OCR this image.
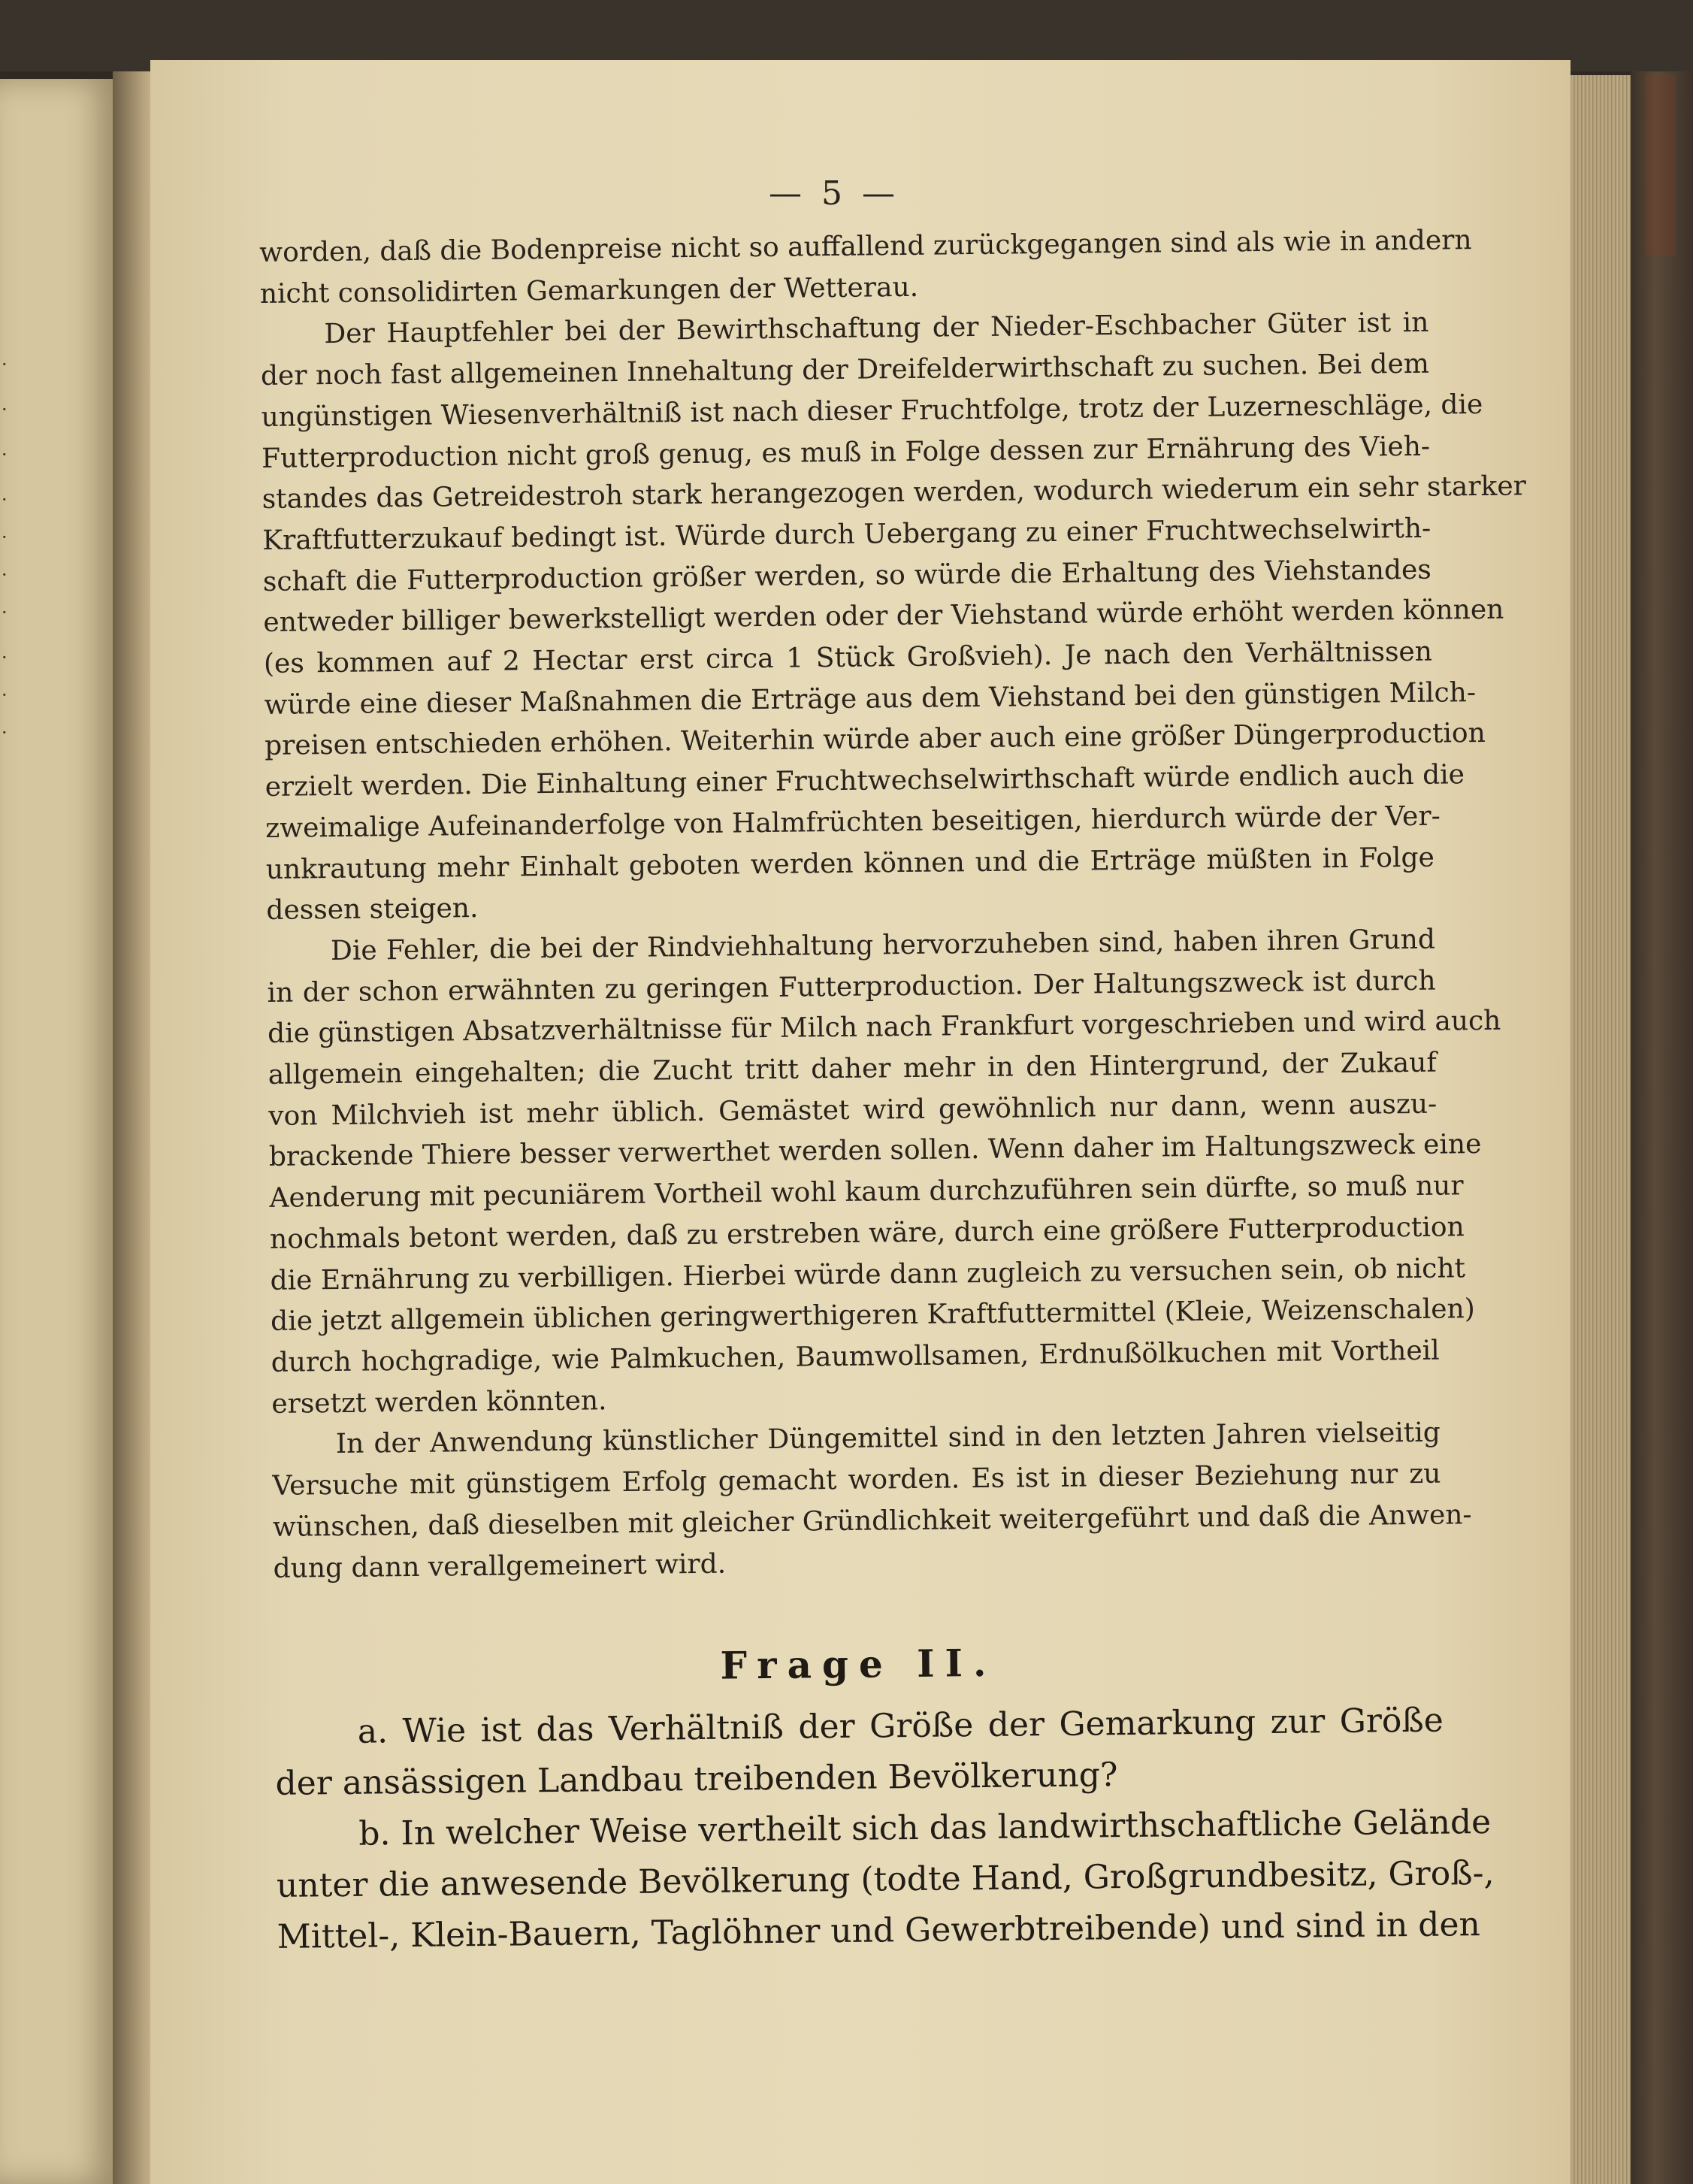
·
·
·
·
·
·
·
·
·
·
— 5 —

worden, daß die Bodenpreise nicht so auffallend zurückgegangen sind als wie in andern

nicht consolidirten Gemarkungen der Wetterau.

Der Hauptfehler bei der Bewirthschaftung der Nieder-Eschbacher Güter ist in

der noch fast allgemeinen Innehaltung der Dreifelderwirthschaft zu suchen. Bei dem

ungünstigen Wiesenverhältniß ist nach dieser Fruchtfolge, trotz der Luzerneschläge, die

Futterproduction nicht groß genug, es muß in Folge dessen zur Ernährung des Vieh-

standes das Getreidestroh stark herangezogen werden, wodurch wiederum ein sehr starker

Kraftfutterzukauf bedingt ist. Würde durch Uebergang zu einer Fruchtwechselwirth-

schaft die Futterproduction größer werden, so würde die Erhaltung des Viehstandes

entweder billiger bewerkstelligt werden oder der Viehstand würde erhöht werden können

(es kommen auf 2 Hectar erst circa 1 Stück Großvieh). Je nach den Verhältnissen

würde eine dieser Maßnahmen die Erträge aus dem Viehstand bei den günstigen Milch-

preisen entschieden erhöhen. Weiterhin würde aber auch eine größer Düngerproduction

erzielt werden. Die Einhaltung einer Fruchtwechselwirthschaft würde endlich auch die

zweimalige Aufeinanderfolge von Halmfrüchten beseitigen, hierdurch würde der Ver-

unkrautung mehr Einhalt geboten werden können und die Erträge müßten in Folge

dessen steigen.

Die Fehler, die bei der Rindviehhaltung hervorzuheben sind, haben ihren Grund

in der schon erwähnten zu geringen Futterproduction. Der Haltungszweck ist durch

die günstigen Absatzverhältnisse für Milch nach Frankfurt vorgeschrieben und wird auch

allgemein eingehalten; die Zucht tritt daher mehr in den Hintergrund, der Zukauf

von Milchvieh ist mehr üblich. Gemästet wird gewöhnlich nur dann, wenn auszu-

brackende Thiere besser verwerthet werden sollen. Wenn daher im Haltungszweck eine

Aenderung mit pecuniärem Vortheil wohl kaum durchzuführen sein dürfte, so muß nur

nochmals betont werden, daß zu erstreben wäre, durch eine größere Futterproduction

die Ernährung zu verbilligen. Hierbei würde dann zugleich zu versuchen sein, ob nicht

die jetzt allgemein üblichen geringwerthigeren Kraftfuttermittel (Kleie, Weizenschalen)

durch hochgradige, wie Palmkuchen, Baumwollsamen, Erdnußölkuchen mit Vortheil

ersetzt werden könnten.

In der Anwendung künstlicher Düngemittel sind in den letzten Jahren vielseitig

Versuche mit günstigem Erfolg gemacht worden. Es ist in dieser Beziehung nur zu

wünschen, daß dieselben mit gleicher Gründlichkeit weitergeführt und daß die Anwen-

dung dann verallgemeinert wird.

Frage II.

a. Wie ist das Verhältniß der Größe der Gemarkung zur Größe

der ansässigen Landbau treibenden Bevölkerung?

b. In welcher Weise vertheilt sich das landwirthschaftliche Gelände

unter die anwesende Bevölkerung (todte Hand, Großgrundbesitz, Groß-,

Mittel-, Klein-Bauern, Taglöhner und Gewerbtreibende) und sind in den
